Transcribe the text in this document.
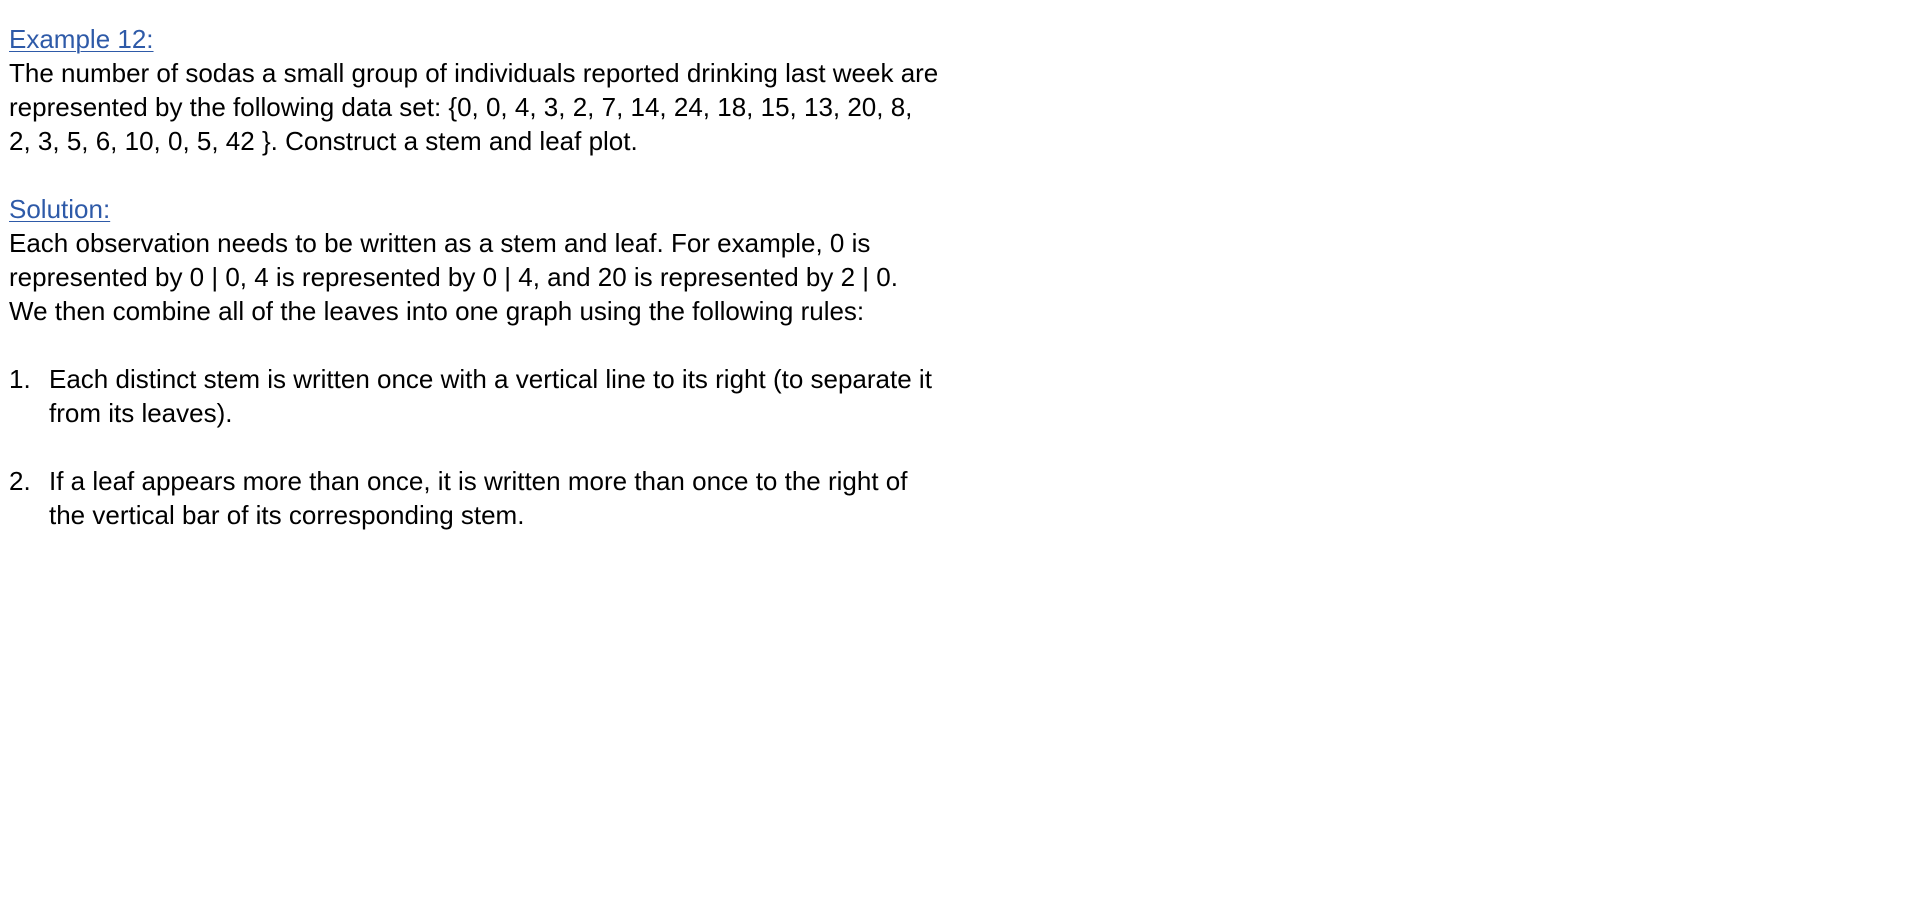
Example 12:
The number of sodas a small group of individuals reported drinking last week are
represented by the following data set: {0, 0, 4, 3, 2, 7, 14, 24, 18, 15, 13, 20, 8,
2, 3, 5, 6, 10, 0, 5, 42 }. Construct a stem and leaf plot.
Solution:
Each observation needs to be written as a stem and leaf. For example, 0 is
represented by 0 | 0, 4 is represented by 0 | 4, and 20 is represented by 2 | 0.
We then combine all of the leaves into one graph using the following rules:
1. Each distinct stem is written once with a vertical line to its right (to separate it
from its leaves).
2. If a leaf appears more than once, it is written more than once to the right of
the vertical bar of its corresponding stem.
